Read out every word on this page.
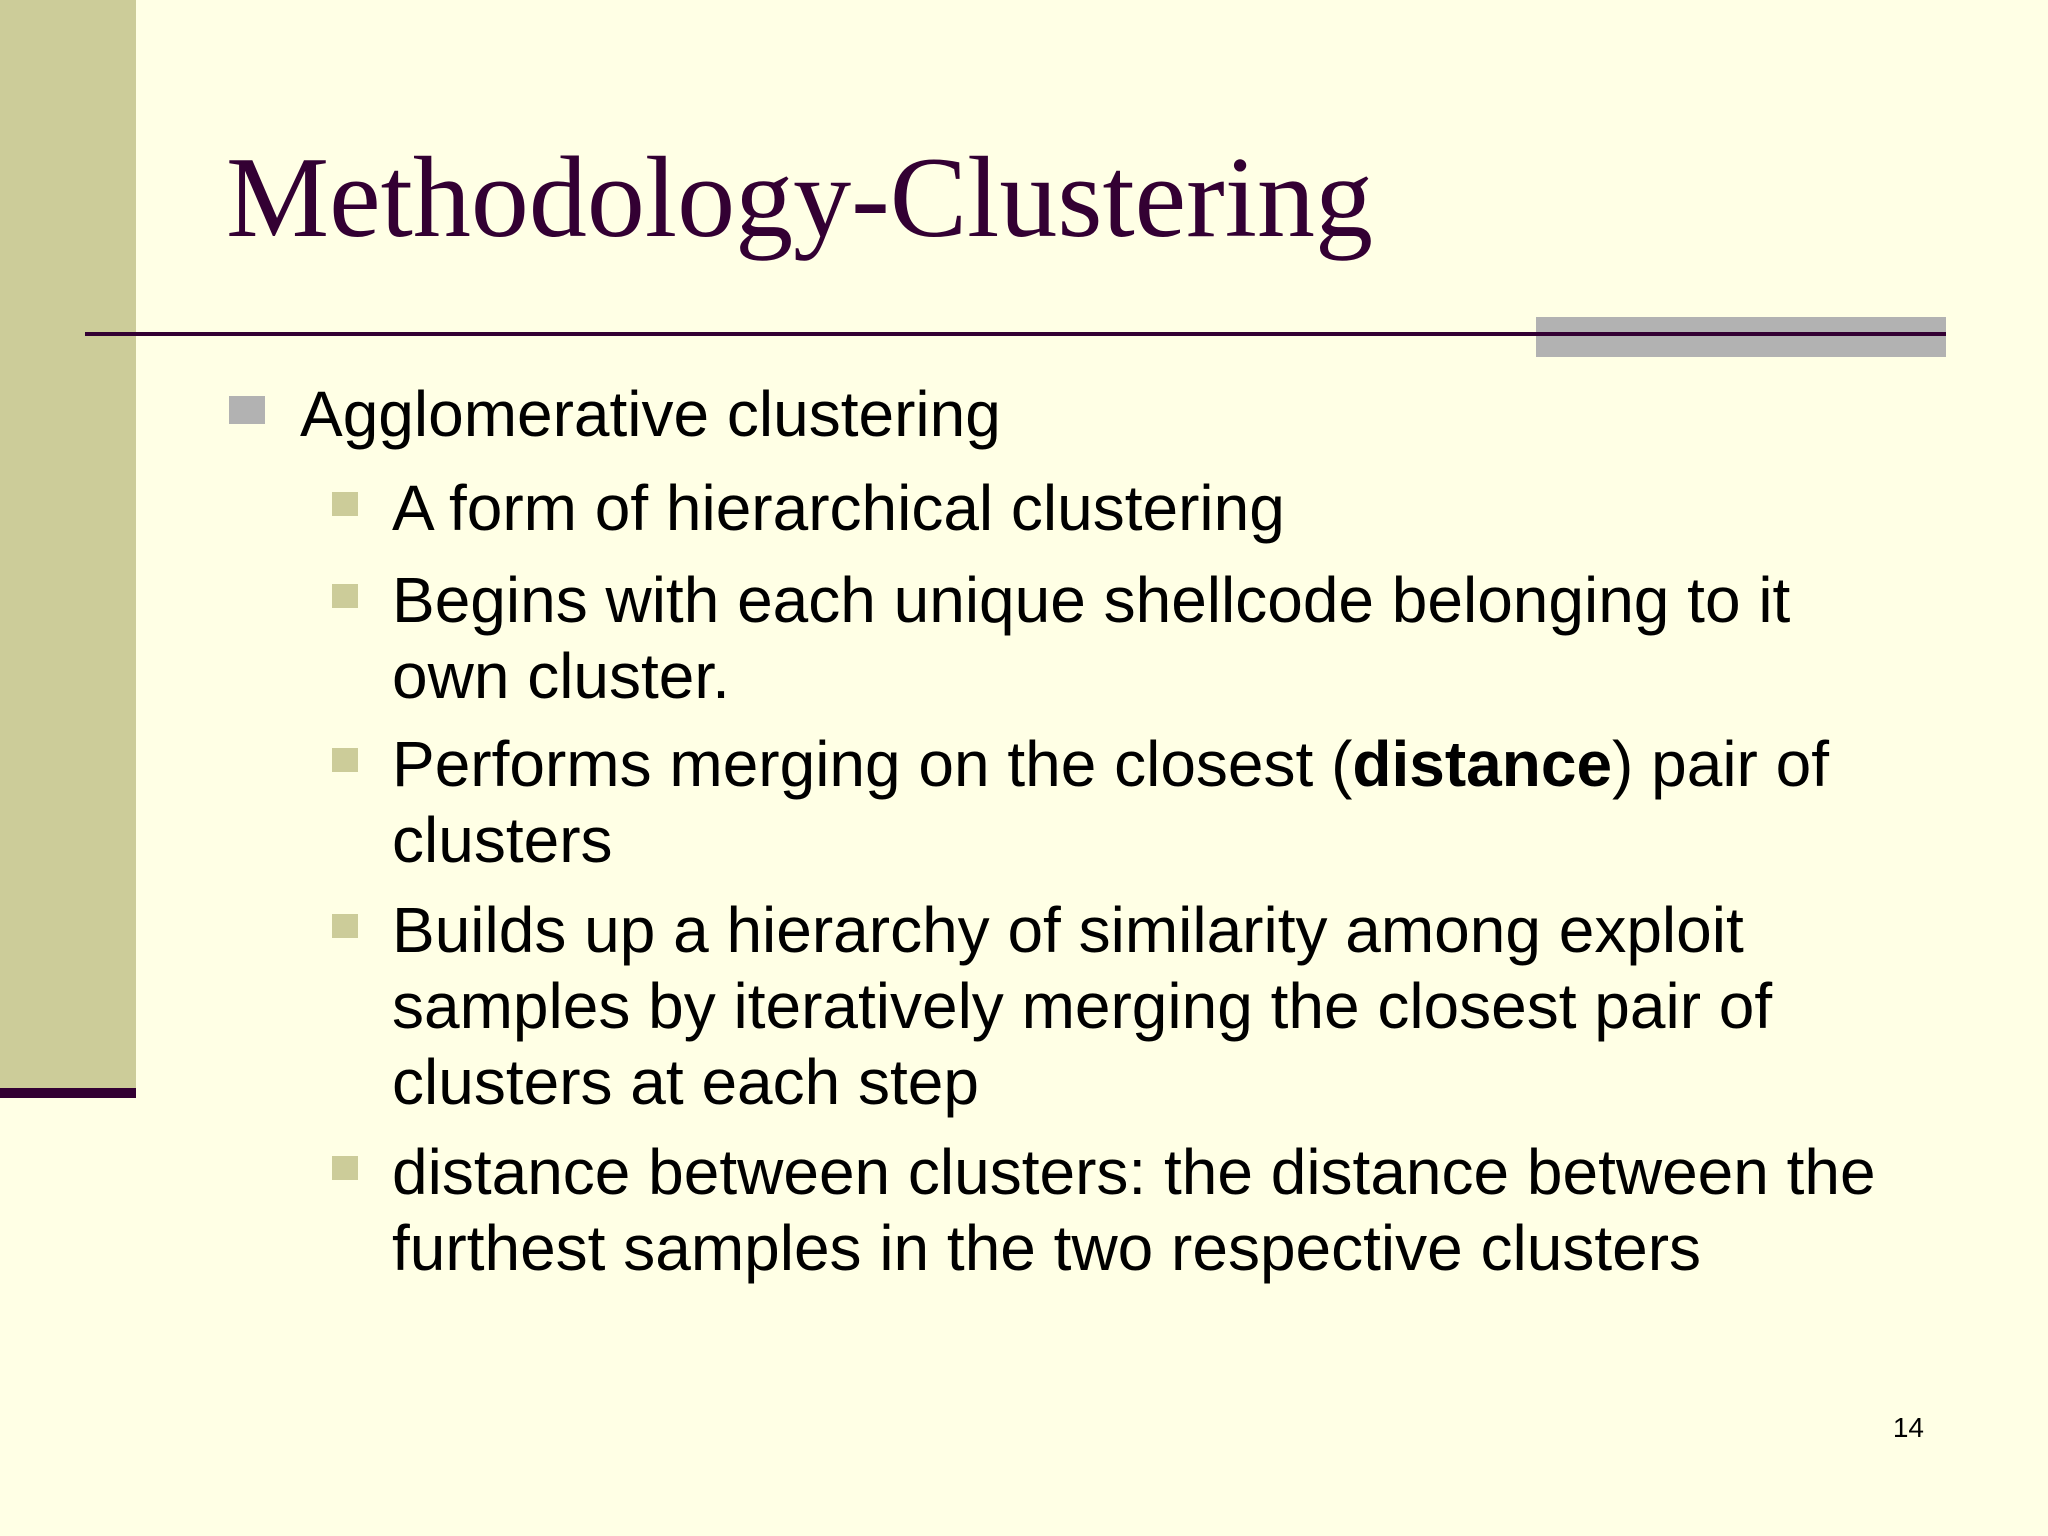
Methodology-Clustering

Agglomerative clustering

A form of hierarchical clustering

Begins with each unique shellcode belonging to it own cluster.

Performs merging on the closest (distance) pair of clusters

Builds up a hierarchy of similarity among exploit samples by iteratively merging the closest pair of clusters at each step

distance between clusters: the distance between the furthest samples in the two respective clusters

14
